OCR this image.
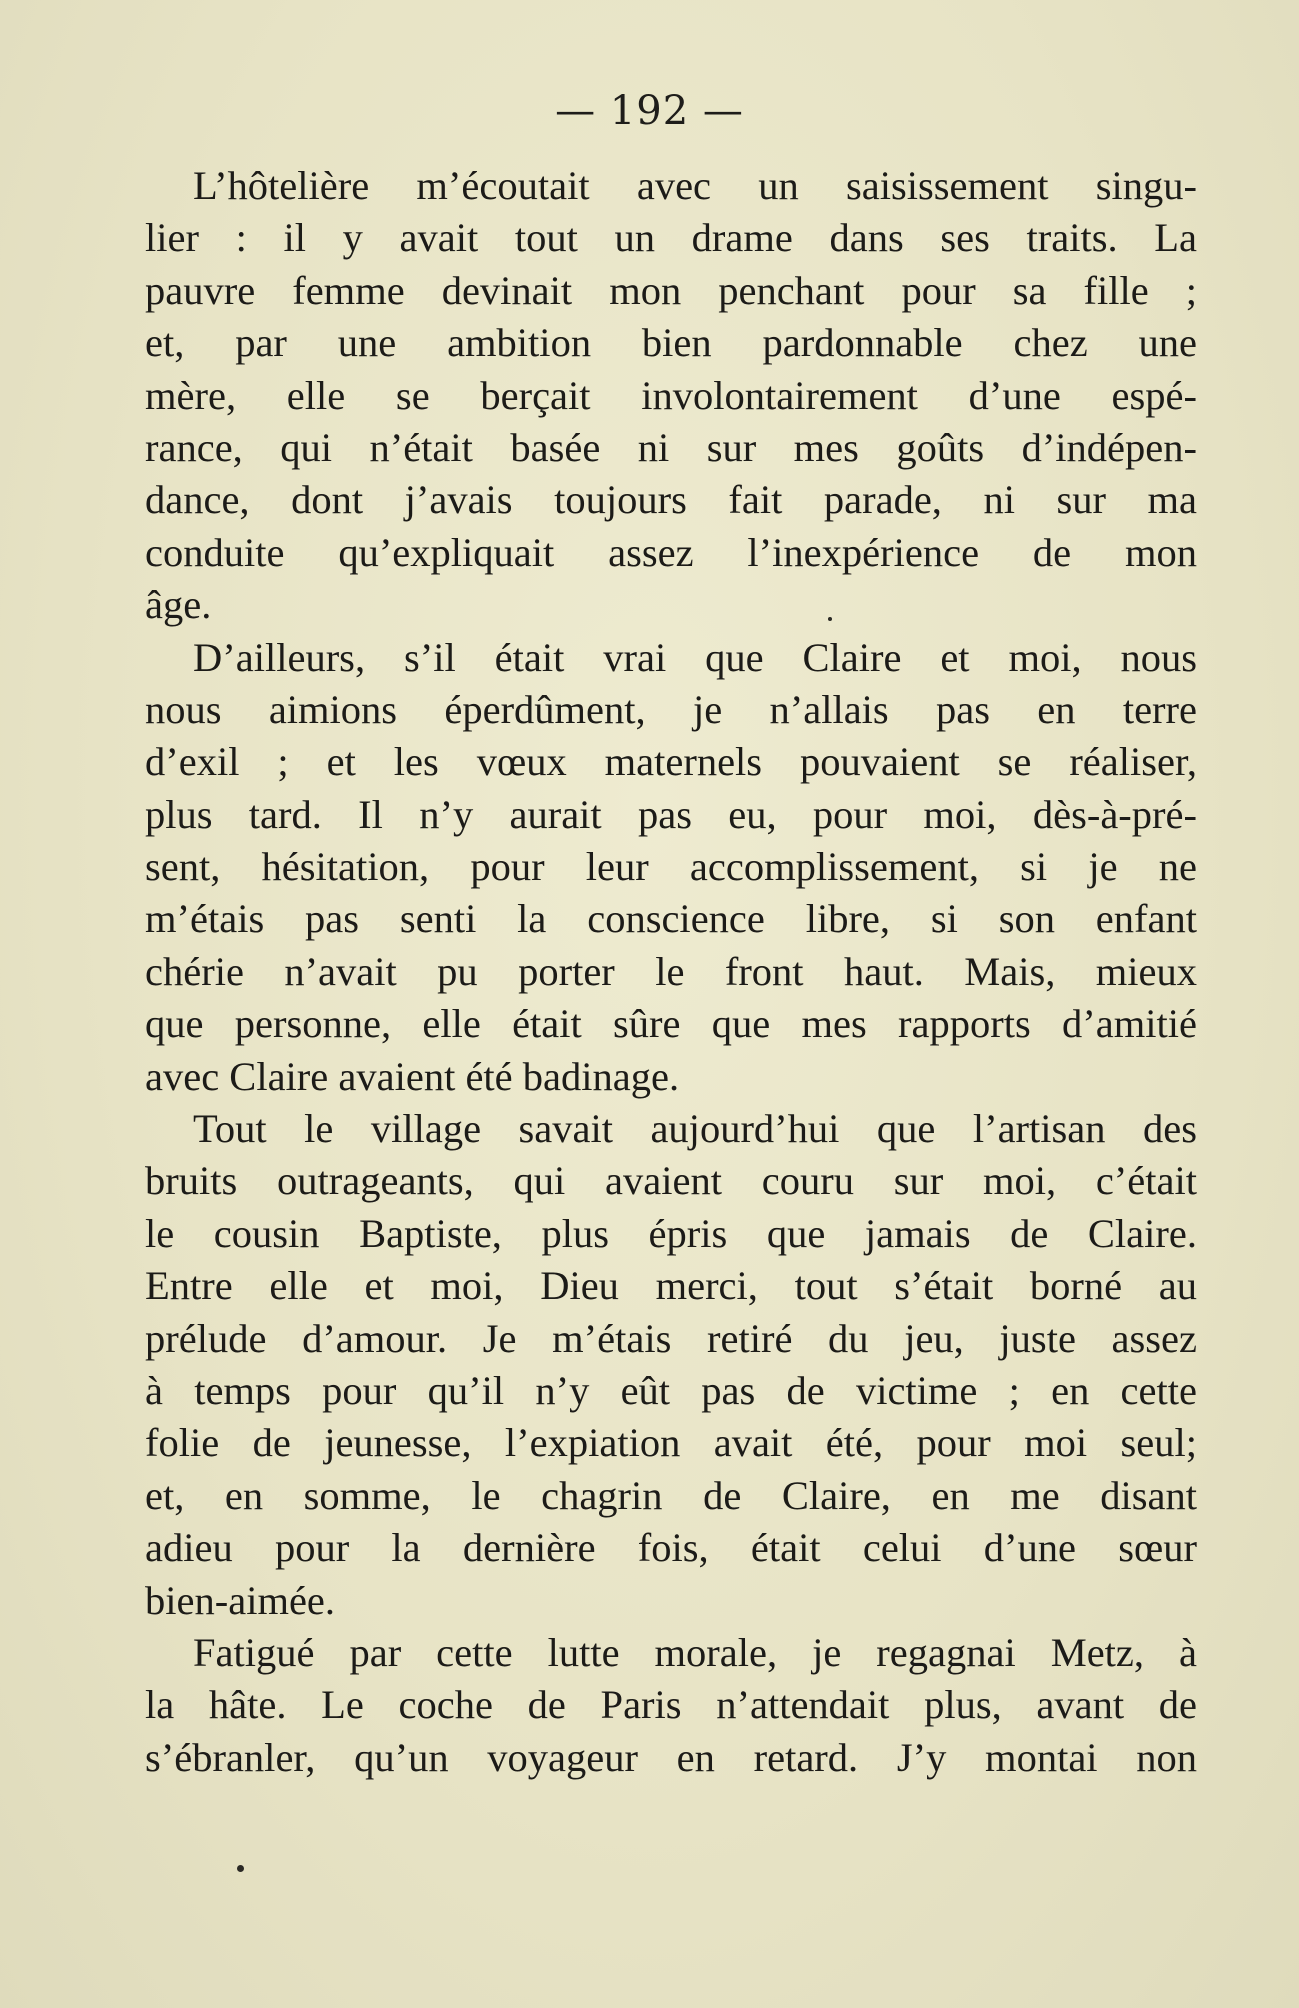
— 192 —
L’hôtelière m’écoutait avec un saisissement singu-
lier : il y avait tout un drame dans ses traits. La
pauvre femme devinait mon penchant pour sa fille ;
et, par une ambition bien pardonnable chez une
mère, elle se berçait involontairement d’une espé-
rance, qui n’était basée ni sur mes goûts d’indépen-
dance, dont j’avais toujours fait parade, ni sur ma
conduite qu’expliquait assez l’inexpérience de mon
âge.
D’ailleurs, s’il était vrai que Claire et moi, nous
nous aimions éperdûment, je n’allais pas en terre
d’exil ; et les vœux maternels pouvaient se réaliser,
plus tard. Il n’y aurait pas eu, pour moi, dès-à-pré-
sent, hésitation, pour leur accomplissement, si je ne
m’étais pas senti la conscience libre, si son enfant
chérie n’avait pu porter le front haut. Mais, mieux
que personne, elle était sûre que mes rapports d’amitié
avec Claire avaient été badinage.
Tout le village savait aujourd’hui que l’artisan des
bruits outrageants, qui avaient couru sur moi, c’était
le cousin Baptiste, plus épris que jamais de Claire.
Entre elle et moi, Dieu merci, tout s’était borné au
prélude d’amour. Je m’étais retiré du jeu, juste assez
à temps pour qu’il n’y eût pas de victime ; en cette
folie de jeunesse, l’expiation avait été, pour moi seul;
et, en somme, le chagrin de Claire, en me disant
adieu pour la dernière fois, était celui d’une sœur
bien-aimée.
Fatigué par cette lutte morale, je regagnai Metz, à
la hâte. Le coche de Paris n’attendait plus, avant de
s’ébranler, qu’un voyageur en retard. J’y montai non
